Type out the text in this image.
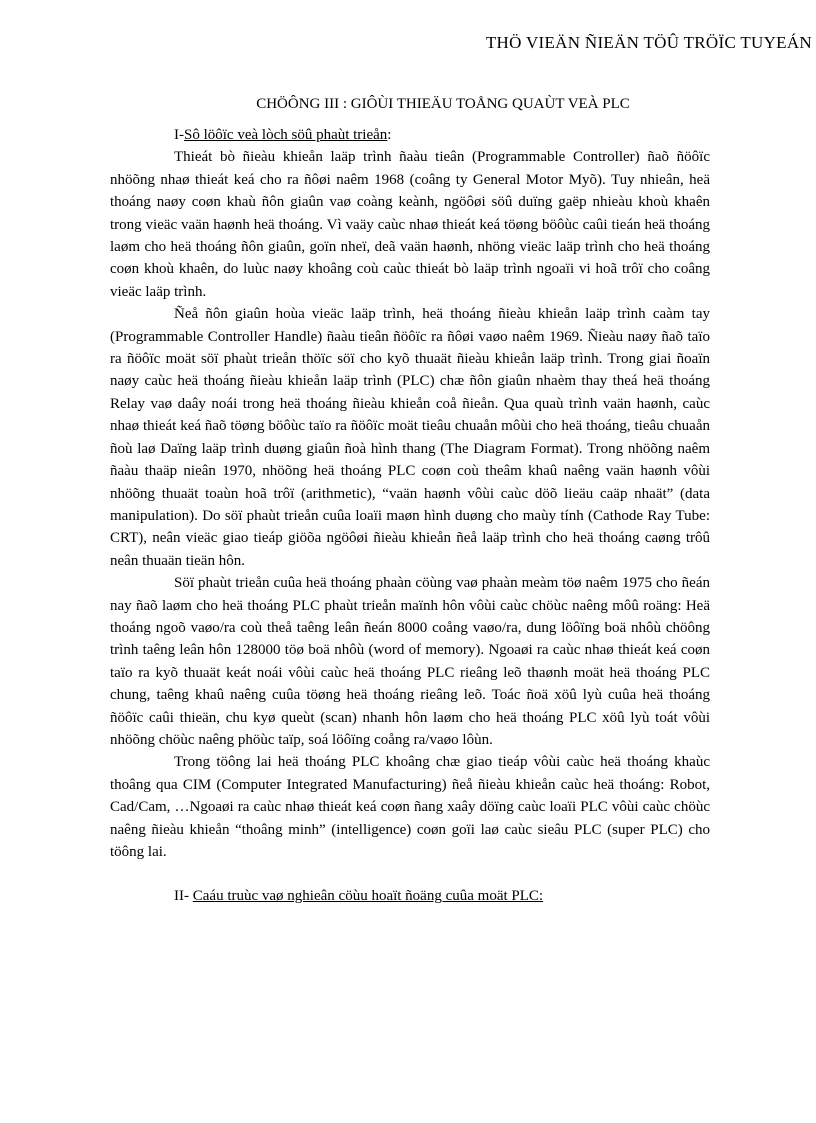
THÖ VIEÄN ÑIEÄN TÖÛ TRÖÏC TUYEÁN
CHÖÔNG III : GIÔÙI THIEÄU TOÅNG QUAÙT VEÀ PLC

I-Sô löôïc veà lòch söû phaùt trieån:

Thieát bò ñieàu khieån laäp trình ñaàu tieân (Programmable Controller) ñaõ ñöôïc nhöõng nhaø thieát keá cho ra ñôøi naêm 1968 (coâng ty General Motor Myõ). Tuy nhieân, heä thoáng naøy coøn khaù ñôn giaûn vaø coàng keành, ngöôøi söû duïng gaëp nhieàu khoù khaên trong vieäc vaän haønh heä thoáng. Vì vaäy caùc nhaø thieát keá töøng böôùc caûi tieán heä thoáng laøm cho heä thoáng ñôn giaûn, goïn nheï, deã vaän haønh, nhöng vieäc laäp trình cho heä thoáng coøn khoù khaên, do luùc naøy khoâng coù caùc thieát bò laäp trình ngoaïi vi hoã trôï cho coâng vieäc laäp trình.

Ñeå ñôn giaûn hoùa vieäc laäp trình, heä thoáng ñieàu khieån laäp trình caàm tay (Programmable Controller Handle) ñaàu tieân ñöôïc ra ñôøi vaøo naêm 1969. Ñieàu naøy ñaõ taïo ra ñöôïc moät söï phaùt trieån thöïc söï cho kyõ thuaät ñieàu khieån laäp trình. Trong giai ñoaïn naøy caùc heä thoáng ñieàu khieån laäp trình (PLC) chæ ñôn giaûn nhaèm thay theá heä thoáng Relay vaø daây noái trong heä thoáng ñieàu khieån coå ñieån. Qua quaù trình vaän haønh, caùc nhaø thieát keá ñaõ töøng böôùc taïo ra ñöôïc moät tieâu chuaån môùi cho heä thoáng, tieâu chuaån ñoù laø Daïng laäp trình duøng giaûn ñoà hình thang (The Diagram Format). Trong nhöõng naêm ñaàu thaäp nieân 1970, nhöõng heä thoáng PLC coøn coù theâm khaû naêng vaän haønh vôùi nhöõng thuaät toaùn hoã trôï (arithmetic), “vaän haønh vôùi caùc döõ lieäu caäp nhaät” (data manipulation). Do söï phaùt trieån cuûa loaïi maøn hình duøng cho maùy tính (Cathode Ray Tube: CRT), neân vieäc giao tieáp giöõa ngöôøi ñieàu khieån ñeå laäp trình cho heä thoáng caøng trôû neân thuaän tieän hôn.

Söï phaùt trieån cuûa heä thoáng phaàn cöùng vaø phaàn meàm töø naêm 1975 cho ñeán nay ñaõ laøm cho heä thoáng PLC phaùt trieån maïnh hôn vôùi caùc chöùc naêng môû roäng: Heä thoáng ngoõ vaøo/ra coù theå taêng leân ñeán 8000 coång vaøo/ra, dung löôïng boä nhôù chöông trình taêng leân hôn 128000 töø boä nhôù (word of memory). Ngoaøi ra caùc nhaø thieát keá coøn taïo ra kyõ thuaät keát noái vôùi caùc heä thoáng PLC rieâng leõ thaønh moät heä thoáng PLC chung, taêng khaû naêng cuûa töøng heä thoáng rieâng leõ. Toác ñoä xöû lyù cuûa heä thoáng ñöôïc caûi thieän, chu kyø queùt (scan) nhanh hôn laøm cho heä thoáng PLC xöû lyù toát vôùi nhöõng chöùc naêng phöùc taïp, soá löôïng coång ra/vaøo lôùn.

Trong töông lai heä thoáng PLC khoâng chæ giao tieáp vôùi caùc heä thoáng khaùc thoâng qua CIM (Computer Integrated Manufacturing) ñeå ñieàu khieån caùc heä thoáng: Robot, Cad/Cam, …Ngoaøi ra caùc nhaø thieát keá coøn ñang xaây döïng caùc loaïi PLC vôùi caùc chöùc naêng ñieàu khieån “thoâng minh” (intelligence) coøn goïi laø caùc sieâu PLC (super PLC) cho töông lai.

II- Caáu truùc vaø nghieân cöùu hoaït ñoäng cuûa moät PLC:
